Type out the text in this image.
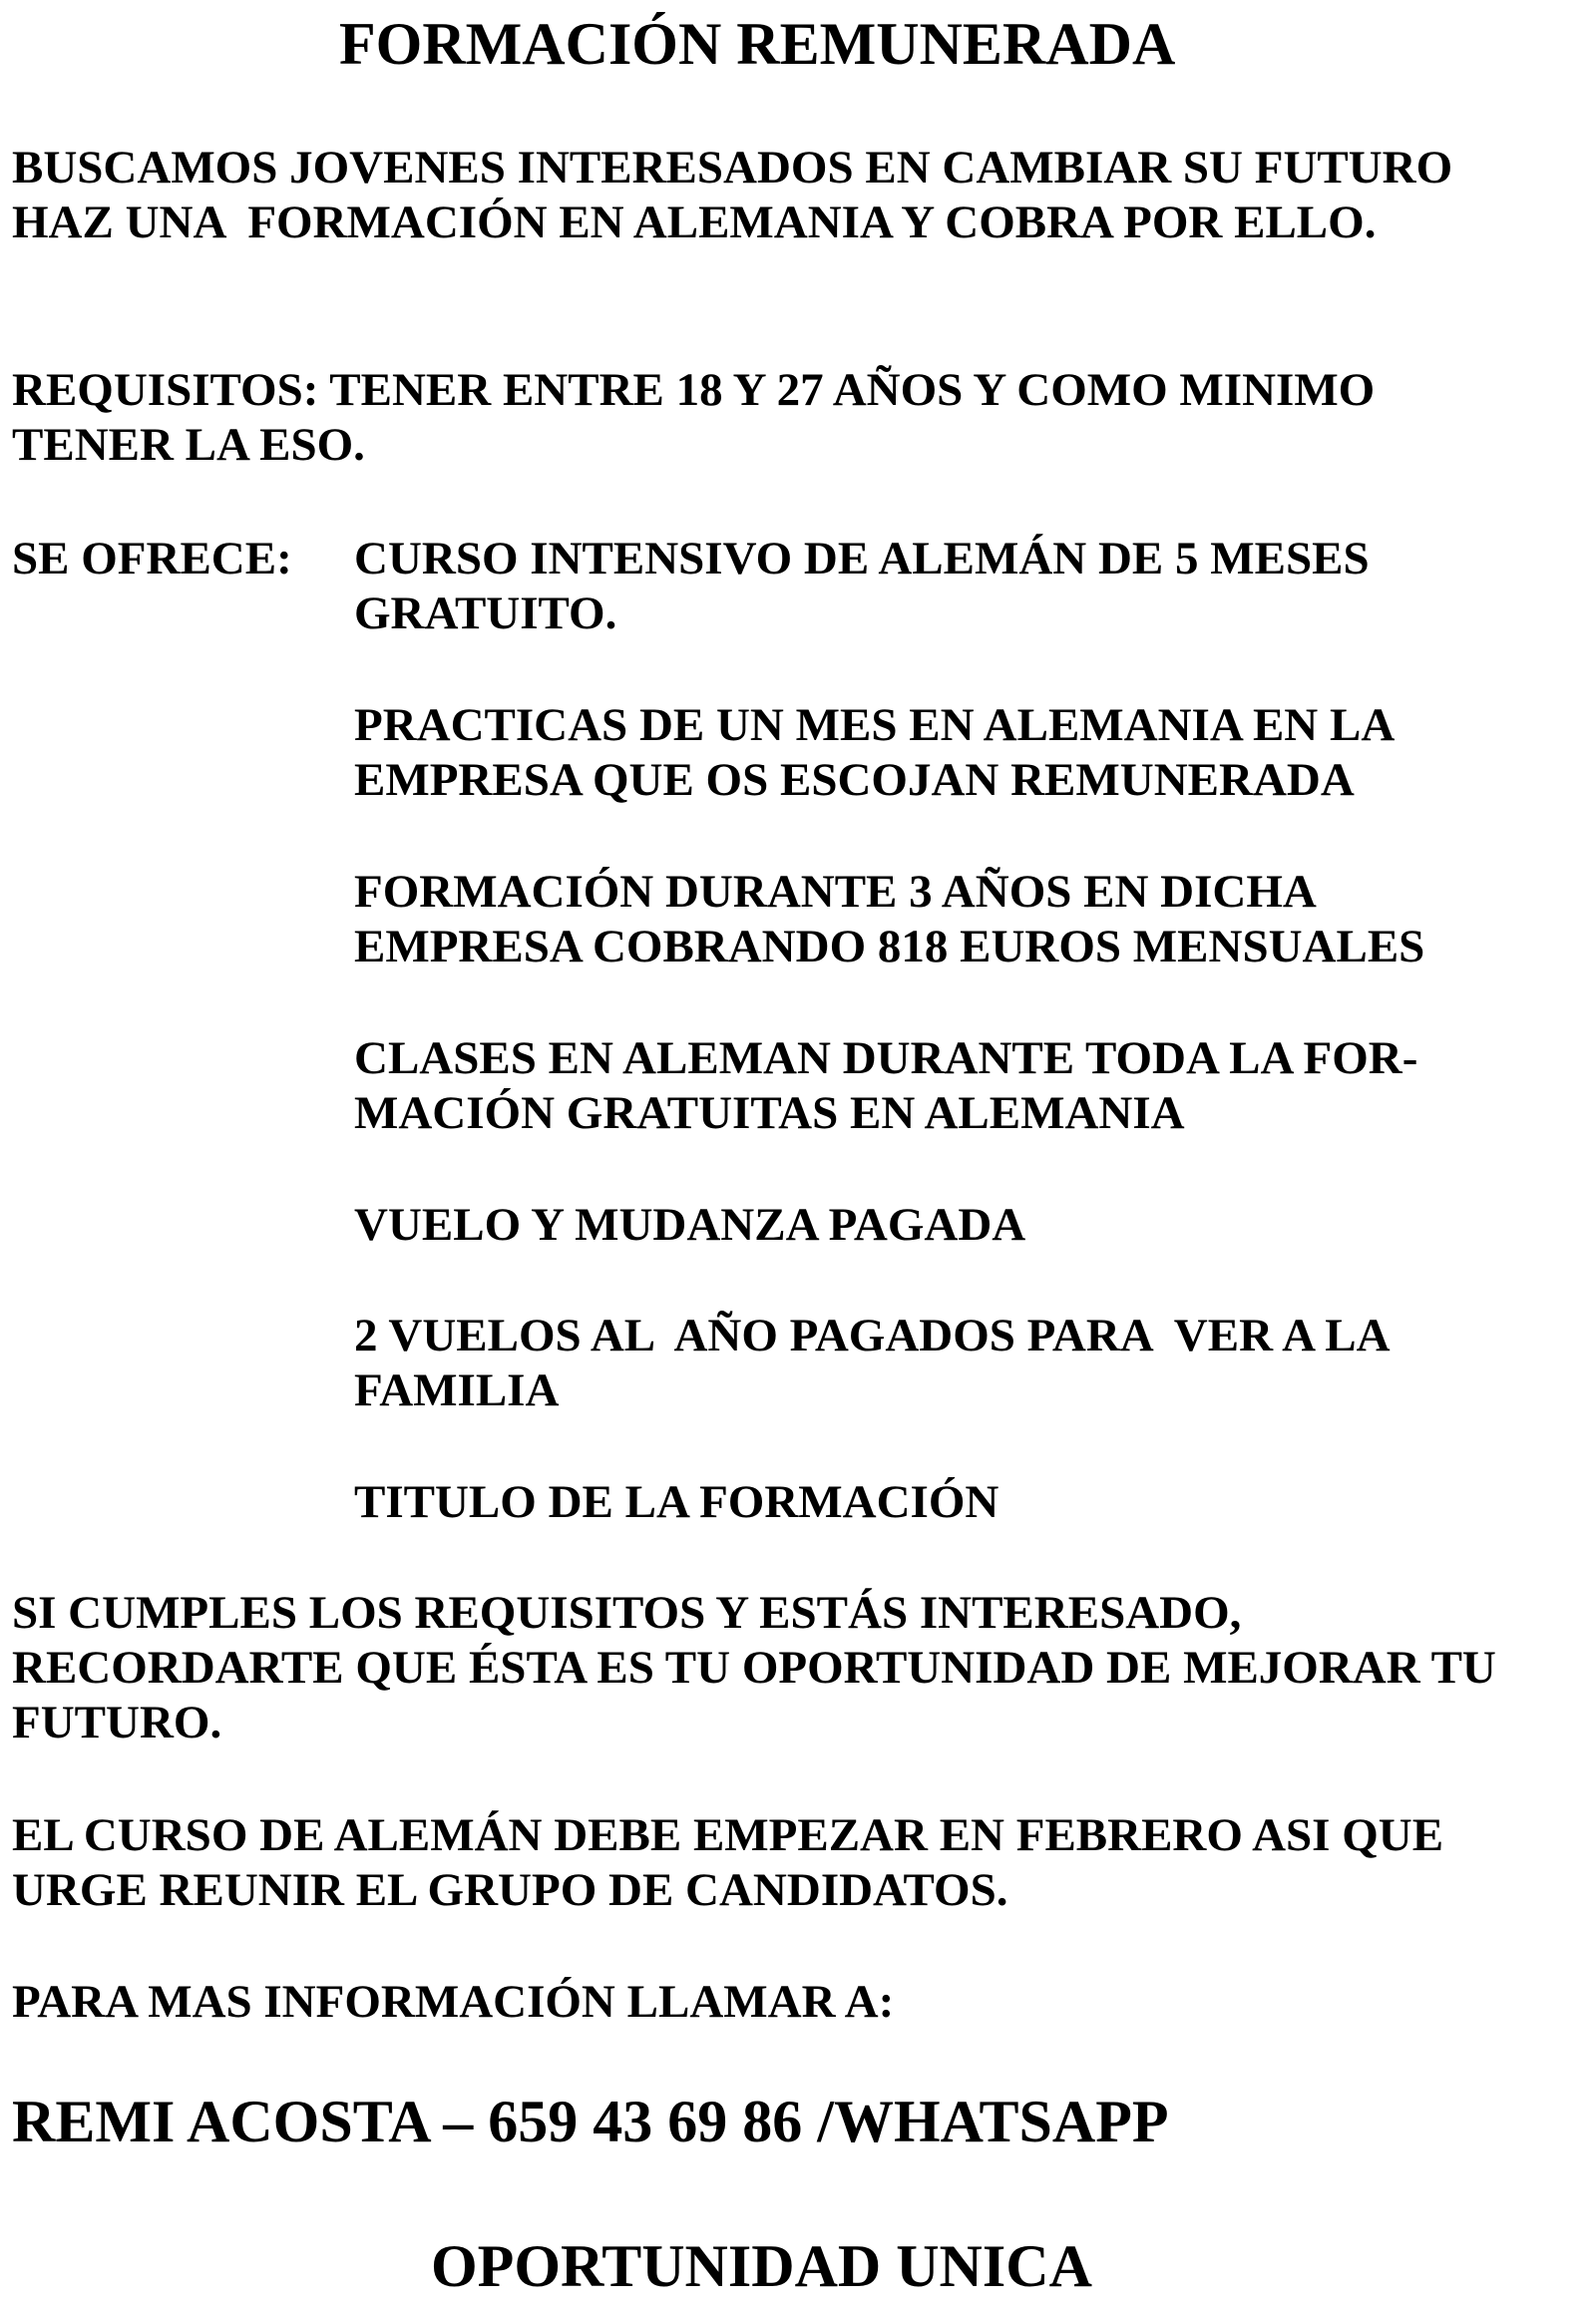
FORMACIÓN REMUNERADA
BUSCAMOS JOVENES INTERESADOS EN CAMBIAR SU FUTURO
HAZ UNA  FORMACIÓN EN ALEMANIA Y COBRA POR ELLO.
REQUISITOS: TENER ENTRE 18 Y 27 AÑOS Y COMO MINIMO
TENER LA ESO.
SE OFRECE: CURSO INTENSIVO DE ALEMÁN DE 5 MESES
GRATUITO.
PRACTICAS DE UN MES EN ALEMANIA EN LA
EMPRESA QUE OS ESCOJAN REMUNERADA
FORMACIÓN DURANTE 3 AÑOS EN DICHA
EMPRESA COBRANDO 818 EUROS MENSUALES
CLASES EN ALEMAN DURANTE TODA LA FOR-
MACIÓN GRATUITAS EN ALEMANIA
VUELO Y MUDANZA PAGADA
2 VUELOS AL  AÑO PAGADOS PARA  VER A LA
FAMILIA
TITULO DE LA FORMACIÓN
SI CUMPLES LOS REQUISITOS Y ESTÁS INTERESADO,
RECORDARTE QUE ÉSTA ES TU OPORTUNIDAD DE MEJORAR TU
FUTURO.
EL CURSO DE ALEMÁN DEBE EMPEZAR EN FEBRERO ASI QUE
URGE REUNIR EL GRUPO DE CANDIDATOS.
PARA MAS INFORMACIÓN LLAMAR A:
REMI ACOSTA – 659 43 69 86 /WHATSAPP
OPORTUNIDAD UNICA
